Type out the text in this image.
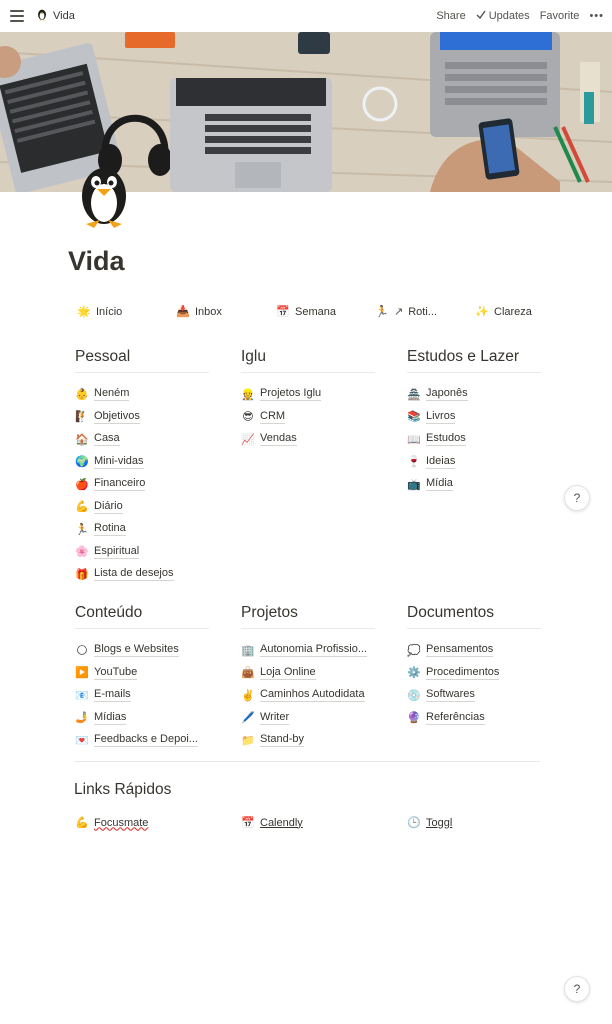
Vida	Share Updates Favorite •••
Vida
🌟 Início	📥 Inbox	📅 Semana	🏃 ↗ Roti...	✨ Clareza
Pessoal
👶 Neném
🧗 Objetivos
🏠 Casa
🌍 Mini-vidas
🍎 Financeiro
💪 Diário
🏃 Rotina
🌸 Espiritual
🎁 Lista de desejos
Iglu
👷 Projetos Iglu
😎 CRM
📈 Vendas
Estudos e Lazer
🏯 Japonês
📚 Livros
📖 Estudos
🍷 Ideias
📺 Mídia
Conteúdo
🌕 Blogs e Websites
▶️ YouTube
📧 E-mails
🤳 Mídias
💌 Feedbacks e Depoi...
Projetos
🏢 Autonomia Profissio...
👜 Loja Online
✌️ Caminhos Autodidata
🖊️ Writer
📁 Stand-by
Documentos
💭 Pensamentos
⚙️ Procedimentos
💿 Softwares
🔮 Referências
Links Rápidos
💪 Focusmate	📅 Calendly	🕒 Toggl
?
?
